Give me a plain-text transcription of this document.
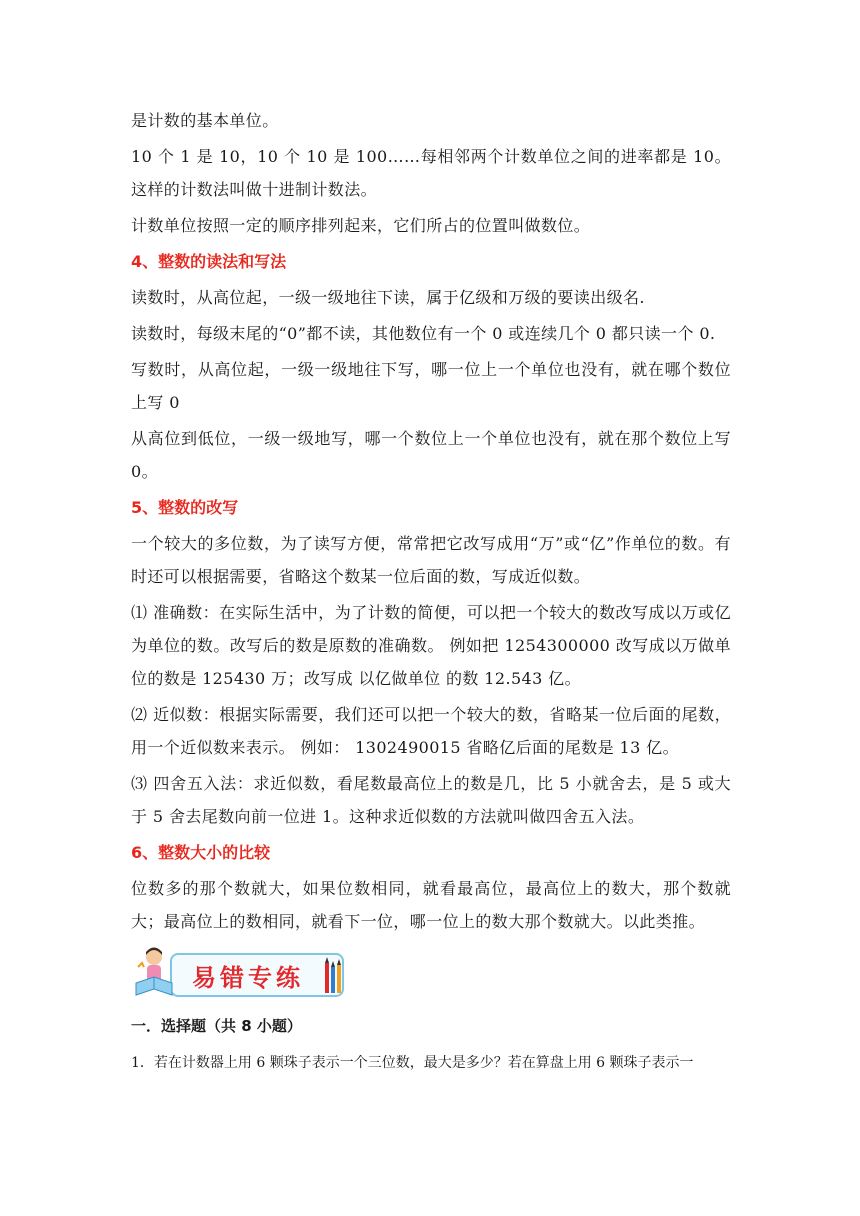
是计数的基本单位。

10 个 1 是 10，10 个 10 是 100……每相邻两个计数单位之间的进率都是 10。这样的计数法叫做十进制计数法。

计数单位按照一定的顺序排列起来，它们所占的位置叫做数位。

4、整数的读法和写法

读数时，从高位起，一级一级地往下读，属于亿级和万级的要读出级名.

读数时，每级末尾的“0”都不读，其他数位有一个 0 或连续几个 0 都只读一个 0.

写数时，从高位起，一级一级地往下写，哪一位上一个单位也没有，就在哪个数位上写 0

从高位到低位，一级一级地写，哪一个数位上一个单位也没有，就在那个数位上写 0。

5、整数的改写

一个较大的多位数，为了读写方便，常常把它改写成用“万”或“亿”作单位的数。有时还可以根据需要，省略这个数某一位后面的数，写成近似数。

⑴ 准确数：在实际生活中，为了计数的简便，可以把一个较大的数改写成以万或亿为单位的数。改写后的数是原数的准确数。 例如把 1254300000 改写成以万做单位的数是 125430 万；改写成 以亿做单位 的数 12.543 亿。

⑵ 近似数：根据实际需要，我们还可以把一个较大的数，省略某一位后面的尾数，用一个近似数来表示。 例如： 1302490015 省略亿后面的尾数是 13 亿。

⑶ 四舍五入法：求近似数，看尾数最高位上的数是几，比 5 小就舍去，是 5 或大于 5 舍去尾数向前一位进 1。这种求近似数的方法就叫做四舍五入法。

6、整数大小的比较

位数多的那个数就大，如果位数相同，就看最高位，最高位上的数大，那个数就大；最高位上的数相同，就看下一位，哪一位上的数大那个数就大。以此类推。

易错专练
一．选择题（共 8 小题）

1．若在计数器上用 6 颗珠子表示一个三位数，最大是多少？若在算盘上用 6 颗珠子表示一
